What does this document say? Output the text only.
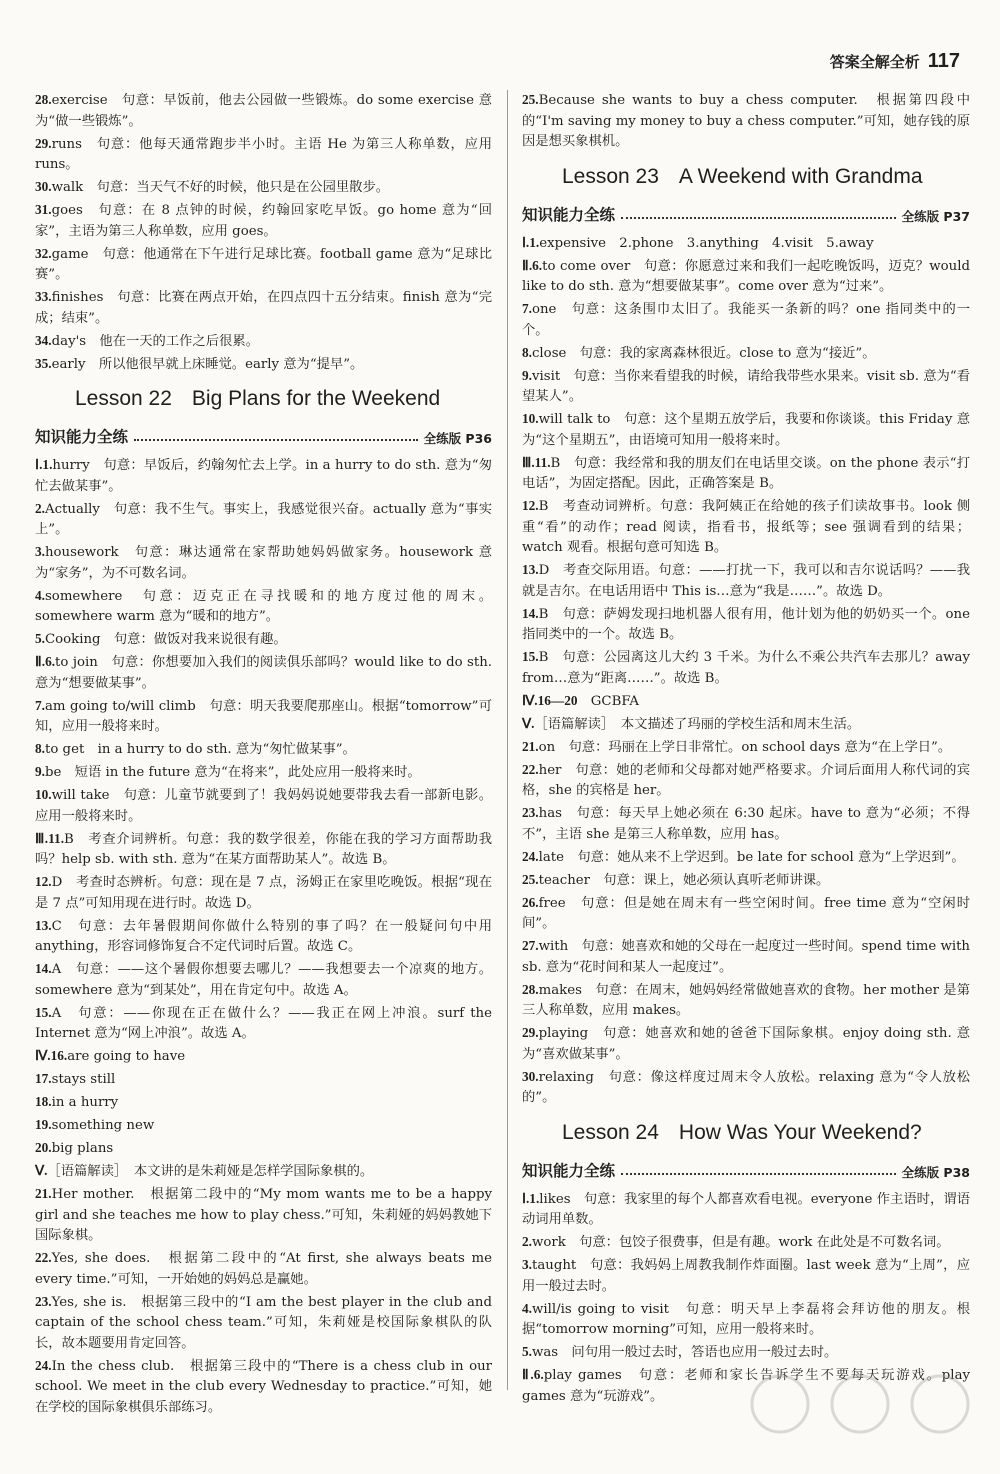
答案全解全析 117
28.exercise　句意：早饭前，他去公园做一些锻炼。do some exercise 意为“做一些锻炼”。
29.runs　句意：他每天通常跑步半小时。主语 He 为第三人称单数，应用 runs。
30.walk　句意：当天气不好的时候，他只是在公园里散步。
31.goes　句意：在 8 点钟的时候，约翰回家吃早饭。go home 意为“回家”，主语为第三人称单数，应用 goes。
32.game　句意：他通常在下午进行足球比赛。football game 意为“足球比赛”。
33.finishes　句意：比赛在两点开始，在四点四十五分结束。finish 意为“完成；结束”。
34.day's　他在一天的工作之后很累。
35.early　所以他很早就上床睡觉。early 意为“提早”。
Lesson 22 Big Plans for the Weekend
知识能力全练	全练版 P36
Ⅰ.1.hurry　句意：早饭后，约翰匆忙去上学。in a hurry to do sth. 意为“匆忙去做某事”。
2.Actually　句意：我不生气。事实上，我感觉很兴奋。actually 意为“事实上”。
3.housework　句意：琳达通常在家帮助她妈妈做家务。housework 意为“家务”，为不可数名词。
4.somewhere　句意：迈克正在寻找暖和的地方度过他的周末。somewhere warm 意为“暖和的地方”。
5.Cooking　句意：做饭对我来说很有趣。
Ⅱ.6.to join　句意：你想要加入我们的阅读俱乐部吗？would like to do sth. 意为“想要做某事”。
7.am going to/will climb　句意：明天我要爬那座山。根据“tomorrow”可知，应用一般将来时。
8.to get　in a hurry to do sth. 意为“匆忙做某事”。
9.be　短语 in the future 意为“在将来”，此处应用一般将来时。
10.will take　句意：儿童节就要到了！我妈妈说她要带我去看一部新电影。应用一般将来时。
Ⅲ.11.B　考查介词辨析。句意：我的数学很差，你能在我的学习方面帮助我吗？help sb. with sth. 意为“在某方面帮助某人”。故选 B。
12.D　考查时态辨析。句意：现在是 7 点，汤姆正在家里吃晚饭。根据“现在是 7 点”可知用现在进行时。故选 D。
13.C　句意：去年暑假期间你做什么特别的事了吗？在一般疑问句中用 anything，形容词修饰复合不定代词时后置。故选 C。
14.A　句意：——这个暑假你想要去哪儿？——我想要去一个凉爽的地方。somewhere 意为“到某处”，用在肯定句中。故选 A。
15.A　句意：——你现在正在做什么？——我正在网上冲浪。surf the Internet 意为“网上冲浪”。故选 A。
Ⅳ.16.are going to have
17.stays still
18.in a hurry
19.something new
20.big plans
Ⅴ.［语篇解读］　本文讲的是朱莉娅是怎样学国际象棋的。
21.Her mother.　根据第二段中的“My mom wants me to be a happy girl and she teaches me how to play chess.”可知，朱莉娅的妈妈教她下国际象棋。
22.Yes, she does.　根据第二段中的“At first, she always beats me every time.”可知，一开始她的妈妈总是赢她。
23.Yes, she is.　根据第三段中的“I am the best player in the club and captain of the school chess team.”可知，朱莉娅是校国际象棋队的队长，故本题要用肯定回答。
24.In the chess club.　根据第三段中的“There is a chess club in our school. We meet in the club every Wednesday to practice.”可知，她在学校的国际象棋俱乐部练习。
25.Because she wants to buy a chess computer.　根据第四段中的“I'm saving my money to buy a chess computer.”可知，她存钱的原因是想买象棋机。
Lesson 23 A Weekend with Grandma
知识能力全练	全练版 P37
Ⅰ.1.expensive　2.phone　3.anything　4.visit　5.away
Ⅱ.6.to come over　句意：你愿意过来和我们一起吃晚饭吗，迈克？would like to do sth. 意为“想要做某事”。come over 意为“过来”。
7.one　句意：这条围巾太旧了。我能买一条新的吗？one 指同类中的一个。
8.close　句意：我的家离森林很近。close to 意为“接近”。
9.visit　句意：当你来看望我的时候，请给我带些水果来。visit sb. 意为“看望某人”。
10.will talk to　句意：这个星期五放学后，我要和你谈谈。this Friday 意为“这个星期五”，由语境可知用一般将来时。
Ⅲ.11.B　句意：我经常和我的朋友们在电话里交谈。on the phone 表示“打电话”，为固定搭配。因此，正确答案是 B。
12.B　考查动词辨析。句意：我阿姨正在给她的孩子们读故事书。look 侧重“看”的动作；read 阅读，指看书，报纸等；see 强调看到的结果；watch 观看。根据句意可知选 B。
13.D　考查交际用语。句意：——打扰一下，我可以和吉尔说话吗？——我就是吉尔。在电话用语中 This is…意为“我是……”。故选 D。
14.B　句意：萨姆发现扫地机器人很有用，他计划为他的奶奶买一个。one 指同类中的一个。故选 B。
15.B　句意：公园离这儿大约 3 千米。为什么不乘公共汽车去那儿？away from…意为“距离……”。故选 B。
Ⅳ.16—20　GCBFA
Ⅴ.［语篇解读］　本文描述了玛丽的学校生活和周末生活。
21.on　句意：玛丽在上学日非常忙。on school days 意为“在上学日”。
22.her　句意：她的老师和父母都对她严格要求。介词后面用人称代词的宾格，she 的宾格是 her。
23.has　句意：每天早上她必须在 6:30 起床。have to 意为“必须；不得不”，主语 she 是第三人称单数，应用 has。
24.late　句意：她从来不上学迟到。be late for school 意为“上学迟到”。
25.teacher　句意：课上，她必须认真听老师讲课。
26.free　句意：但是她在周末有一些空闲时间。free time 意为“空闲时间”。
27.with　句意：她喜欢和她的父母在一起度过一些时间。spend time with sb. 意为“花时间和某人一起度过”。
28.makes　句意：在周末，她妈妈经常做她喜欢的食物。her mother 是第三人称单数，应用 makes。
29.playing　句意：她喜欢和她的爸爸下国际象棋。enjoy doing sth. 意为“喜欢做某事”。
30.relaxing　句意：像这样度过周末令人放松。relaxing 意为“令人放松的”。
Lesson 24 How Was Your Weekend?
知识能力全练	全练版 P38
Ⅰ.1.likes　句意：我家里的每个人都喜欢看电视。everyone 作主语时，谓语动词用单数。
2.work　句意：包饺子很费事，但是有趣。work 在此处是不可数名词。
3.taught　句意：我妈妈上周教我制作炸面圈。last week 意为“上周”，应用一般过去时。
4.will/is going to visit　句意：明天早上李磊将会拜访他的朋友。根据“tomorrow morning”可知，应用一般将来时。
5.was　问句用一般过去时，答语也应用一般过去时。
Ⅱ.6.play games　句意：老师和家长告诉学生不要每天玩游戏。play games 意为“玩游戏”。
